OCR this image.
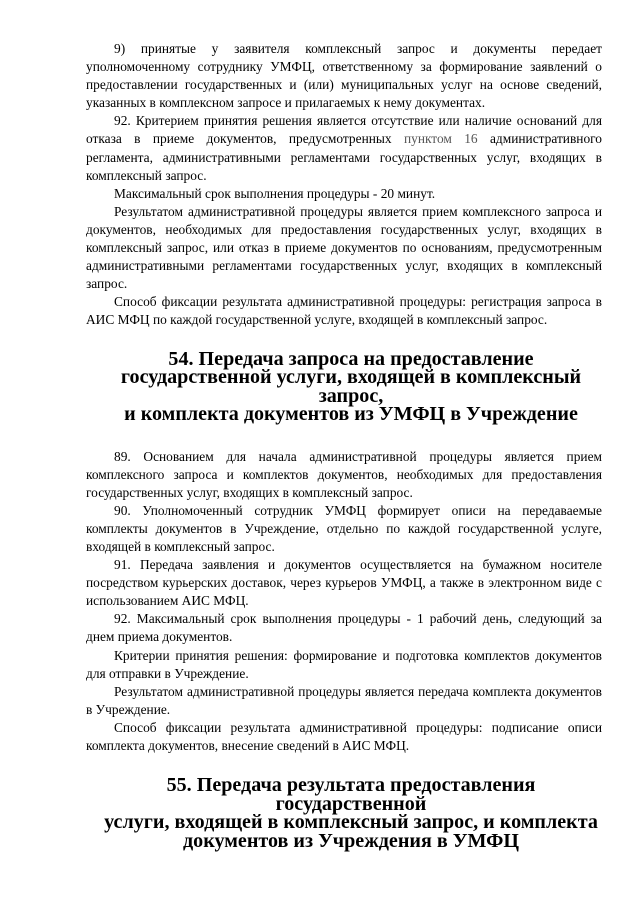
9) принятые у заявителя комплексный запрос и документы передает уполномоченному сотруднику УМФЦ, ответственному за формирование заявлений о предоставлении государственных и (или) муниципальных услуг на основе сведений, указанных в комплексном запросе и прилагаемых к нему документах.

92. Критерием принятия решения является отсутствие или наличие оснований для отказа в приеме документов, предусмотренных пунктом 16 административного регламента, административными регламентами государственных услуг, входящих в комплексный запрос.

Максимальный срок выполнения процедуры - 20 минут.

Результатом административной процедуры является прием комплексного запроса и документов, необходимых для предоставления государственных услуг, входящих в комплексный запрос, или отказ в приеме документов по основаниям, предусмотренным административными регламентами государственных услуг, входящих в комплексный запрос.

Способ фиксации результата административной процедуры: регистрация запроса в АИС МФЦ по каждой государственной услуге, входящей в комплексный запрос.

54. Передача запроса на предоставление
государственной услуги, входящей в комплексный запрос,
и комплекта документов из УМФЦ в Учреждение

89. Основанием для начала административной процедуры является прием комплексного запроса и комплектов документов, необходимых для предоставления государственных услуг, входящих в комплексный запрос.

90. Уполномоченный сотрудник УМФЦ формирует описи на передаваемые комплекты документов в Учреждение, отдельно по каждой государственной услуге, входящей в комплексный запрос.

91. Передача заявления и документов осуществляется на бумажном носителе посредством курьерских доставок, через курьеров УМФЦ, а также в электронном виде с использованием АИС МФЦ.

92. Максимальный срок выполнения процедуры - 1 рабочий день, следующий за днем приема документов.

Критерии принятия решения: формирование и подготовка комплектов документов для отправки в Учреждение.

Результатом административной процедуры является передача комплекта документов в Учреждение.

Способ фиксации результата административной процедуры: подписание описи комплекта документов, внесение сведений в АИС МФЦ.

55. Передача результата предоставления государственной
услуги, входящей в комплексный запрос, и комплекта
документов из Учреждения в УМФЦ
